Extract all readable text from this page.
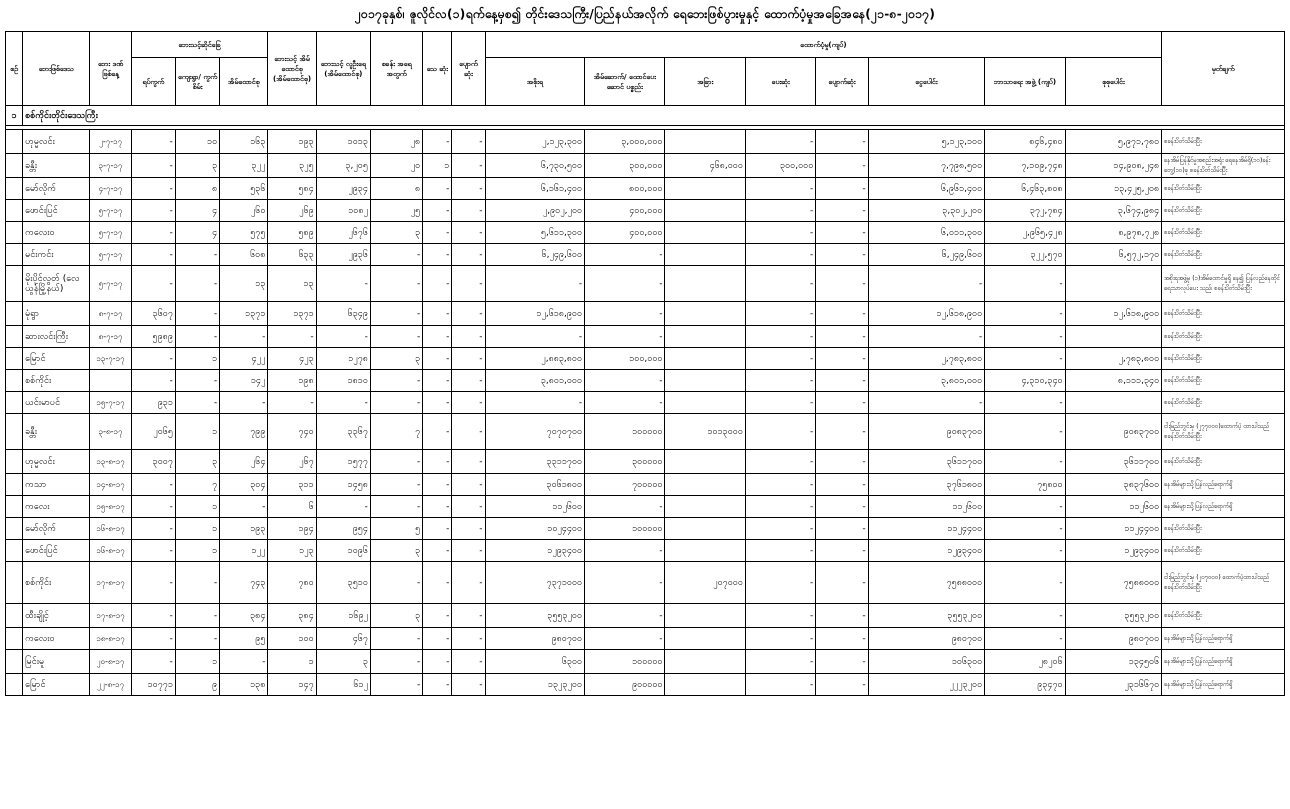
၂၀၁၇ခုနှစ်၊ ဇူလိုင်လ(၁)ရက်နေ့မှစ၍ တိုင်းဒေသကြီး/ပြည်နယ်အလိုက် ရေဘေးဖြစ်ပွားမှုနှင့် ထောက်ပံ့မှုအခြေအနေ(၂၁-၈-၂၀၁၇)
စဉ်	ဘေးဖြစ်ဒေသ	ဘေး ဒဏ် ဖြစ်နေ့	ဘေးသင့်ဆိုင်ခြေ			ဘေးသင့် အိမ် ထောင်စု (အိမ်ထောင်စု)	ဘေးသင့် လူဦးရေ (အိမ်ထောင်စု)	စခန်း အရေ အတွက်	သေ ဆုံး	ပျောက် ဆုံး	ထောက်ပံ့မှု(ကျပ်)								မှတ်ချက်
			ရပ်ကွက်	ကျေးရွာ/ ကွက်စိမ်း	အိမ်ထောင်စု						အစိုးရ	အိမ်ဆောက်/ ထောင်ပေးဆောင် ပစ္စည်း	အခြား	ပေးဆုံး	ပျောက်ဆုံး	ငွေပေါင်း	ဘာသာရေး အဖွဲ့ (ကျပ်)	စုစုပေါင်း	
၁	စစ်ကိုင်းတိုင်းဒေသကြီး																		

	ဟုမ္မလင်း	၂-၇-၁၇	-	၁၀	၁၆၃	၁၉၃	၁၀၁၃	၂၈	-	-	၂,၁၂၃,၃၀၀	၃,၀၀၀,၀၀၀		-	-	၅,၁၂၃,၁၀၀	၈၄၆,၄၈၀	၅,၉၇၁,၇၈၀	စခန်းပိတ်သိမ်းပြီး
	ခန္တီး	၃-၇-၁၇	-	၃	၃၂၂	၃၂၅	၃,၂၀၅	၂၀	၁	-	၆,၇၃၀,၅၀၀	၃၀၀,၀၀၀	၄၆၈,၀၀၀	၃၀၀,၀၀၀	-	၇,၇၉၈,၅၀၀	၇,၁၀၉,၇၄၈	၁၄,၉၀၈,၂၄၈	နေအိမ်ပြန်နိုင်မှုအစည်းအရုံး ရေနေအိမ်ရှိ(၁၀)ခန်း တွေ့(၁၀)ခု စခန်းပိတ်သိမ်းပြီး
	မော်လိုက်	၄-၇-၁၇	-	၈	၅၃၆	၅၈၄	၂၉၃၄	၈	-	-	၆,၁၆၁,၄၀၀	၈၀၀,၀၀၀		-	-	၆,၉၆၁,၄၀၀	၆,၄၆၃,၈၀၈	၁၃,၄၂၅,၂၀၈	စခန်းပိတ်သိမ်းပြီး
	ဖောင်းပြင်	၅-၇-၁၇	-	၄	၂၆၀	၂၆၉	၁၀၈၂	၂၅	-	-	၂,၉၀၂,၂၀၀	၄၀၀,၀၀၀		-	-	၃,၃၀၂,၂၀၀	၃၇၂,၇၈၄	၃,၆၇၄,၉၈၄	စခန်းပိတ်သိမ်းပြီး
	ကလေးဝ	၅-၇-၁၇	-	၄	၅၇၅	၅၈၉	၂၆၇၆	၃	-	-	၅,၆၁၁,၃၀၀	၄၀၀,၀၀၀		-	-	၆,၀၁၁,၃၀၀	၂,၉၆၅,၄၂၈	၈,၉၇၈,၇၂၈	စခန်းပိတ်သိမ်းပြီး
	မင်းကင်း	၅-၇-၁၇	-	-	၆၀၈	၆၃၃	၂၉၃၆	-	-	-	၆,၂၄၉,၆၀၀	-		-	-	၆,၂၄၉,၆၀၀	၃၂၂,၅၇၀	၆,၅၇၂,၁၇၀	စခန်းပိတ်သိမ်းပြီး
	မိုးပိုင်လွတ် (လေယွန်မြို့နယ်)	၅-၇-၁၇	-	-	၁၃	၁၃	-	-	-	-	-	-		-	-	-	-		အစိုးရအဖွဲ့မှ (၁)အိမ်ထောင်မှုရှိ နေ၍ ပြန်လည်နေထိုင်ရေးသာလုပ်ပေး သည်၊ စခန်းပိတ်သိမ်းပြီး
	မုံရွာ	၈-၇-၁၇	၃၆၀၇	-	၁၃၇၁	၁၃၇၁	၆၃၄၉	-	-	-	၁၂,၆၁၈,၉၀၀	-		-	-	၁၂,၆၁၈,၉၀၀	-	၁၂,၆၁၈,၉၀၀	စခန်းပိတ်သိမ်းပြီး
	ဆားလင်းကြီး	၈-၇-၁၇	၅၉၈၉	-	-	-	-	-	-	-	-	-		-	-	-	-		စခန်းပိတ်သိမ်းပြီး
	မြောင်	၁၃-၇-၁၇	-	၁	၄၂၂	၄၂၃	၁၂၇၈	၃	-	-	၂,၈၈၃,၈၀၀	၁၀၀,၀၀၀		-	-	၂,၇၈၃,၈၀၀	-	၂,၇၈၃,၈၀၀	စခန်းပိတ်သိမ်းပြီး
	စစ်ကိုင်း		-	-	၁၄၂	၁၉၈	၁၈၁၀	-	-	-	၃,၈၀၁,၀၀၀	-		-	-	၃,၈၀၁,၀၀၀	၄,၃၁၀,၃၄၀	၈,၁၁၁,၃၄၀	စခန်းပိတ်သိမ်းပြီး
	ယင်းမာပင်	၁၅-၇-၁၇	၉၃၁	-	-	-	-	-	-	-	-	-		-	-	-	-		စခန်းပိတ်သိမ်းပြီး
	ခန္တီး	၃-၈-၁၇	၂၀၆၅	၁	၇၉၉	၇၄၀	၃၃၆၇	၇	-	-	၇၀၇၀၇၀၀	၁၀၀၀၀၀	၁၀၁၃၀၀၀	-	-	၉၀၈၃၇၀၀	-	၉၀၈၃၇၀၀	ငါးမြည်ဘွင်းမှ (၂၇၇၀၀၀)ထောက်ပံ့ ထားပါသည် စခန်းပိတ်သိမ်းပြီး
	ဟုမ္မလင်း	၁၃-၈-၁၇	၃၀၀၇	၃	၂၆၄	၂၆၇	၁၅၇၇	-	-	-	၃၃၁၁၇၀၀	၃၀၀၀၀၀		-	-	၃၆၁၁၇၀၀	-	၃၆၁၁၇၀၀	စခန်းပိတ်သိမ်းပြီး
	ကသာ	၁၄-၈-၁၇	-	၇	၃၀၄	၃၁၁	၁၄၅၈	-	-	-	၃၀၆၁၈၀၀	၇၀၀၀၀၀		-	-	၃၇၆၁၈၀၀	၇၅၈၀၀	၃၈၃၇၆၀၀	နေအိမ်များသို့ပြန်လည်ရောက်ရှိ
	ကလေး	၁၅-၈-၁၇	-	၁	-	၆	-	-	-	-	၁၁၂၆၀၀	-		-	-	၁၁၂၆၀၀	-	၁၁၂၆၀၀	နေအိမ်များသို့ပြန်လည်ရောက်ရှိ
	မော်လိုက်	၁၆-၈-၁၇	-	၁	၁၉၃	၁၉၄	၉၅၄	၅	-	-	၁၀၂၄၄၀၀	၁၀၀၀၀၀		-	-	၁၁၂၄၄၀၀	-	၁၁၂၄၄၀၀	စခန်းပိတ်သိမ်းပြီး
	ဖောင်းပြင်	၁၆-၈-၁၇	-	၁	၁၂၂	၁၂၃	၁၀၉၆	၃	-	-	၁၂၉၃၄၀၀	-		-	-	၁၂၉၃၄၀၀	-	၁၂၉၃၄၀၀	စခန်းပိတ်သိမ်းပြီး
	စစ်ကိုင်း	၁၇-၈-၁၇	-	-	၇၄၃	၇၈၀	၃၅၁၀	-	-	-	၇၃၇၁၀၀၀	-	၂၀၇၀၀၀	-	-	၇၅၈၈၀၀၀	-	၇၅၈၈၀၀၀	ငါးမြည်ဘွင်းမှ (၂၀၇၀၀၀) ထောက်ပံ့ထားပါသည် စခန်းပိတ်သိမ်းပြီး
	ထီးချိုင့်	၁၇-၈-၁၇	-	-	၃၈၄	၃၈၄	၁၆၉၂	၃	-	-	၃၅၅၃၂၀၀	-		-	-	၃၅၅၃၂၀၀	-	၃၅၅၃၂၀၀	စခန်းပိတ်သိမ်းပြီး
	ကလေးဝ	၁၈-၈-၁၇	-	-	၉၅	၁၀၀	၄၆၇	-	-	-	၉၈၀၇၀၀	-		-	-	၉၈၀၇၀၀	-	၉၈၀၇၀၀	နေအိမ်များသို့ပြန်လည်ရောက်ရှိ
	မြင်းမူ	၂၀-၈-၁၇	-	၁	-	၁	၃	-	-	-	၆၃၀၀	၁၀၀၀၀၀		-	-	၁၀၆၃၀၀	၂၈၂၀၆	၁၃၄၅၀၆	နေအိမ်များသို့ပြန်လည်ရောက်ရှိ
	မြောင်	၂၂-၈-၁၇	၁၀၇၇၁	၉	၁၃၈	၁၄၇	၆၁၂	-	-	-	၁၃၂၃၂၀၀	၉၀၀၀၀၀		-	-	၂၂၂၃၂၀၀	၉၃၄၇၀	၂၃၁၆၆၇၀	နေအိမ်များသို့ပြန်လည်ရောက်ရှိ
